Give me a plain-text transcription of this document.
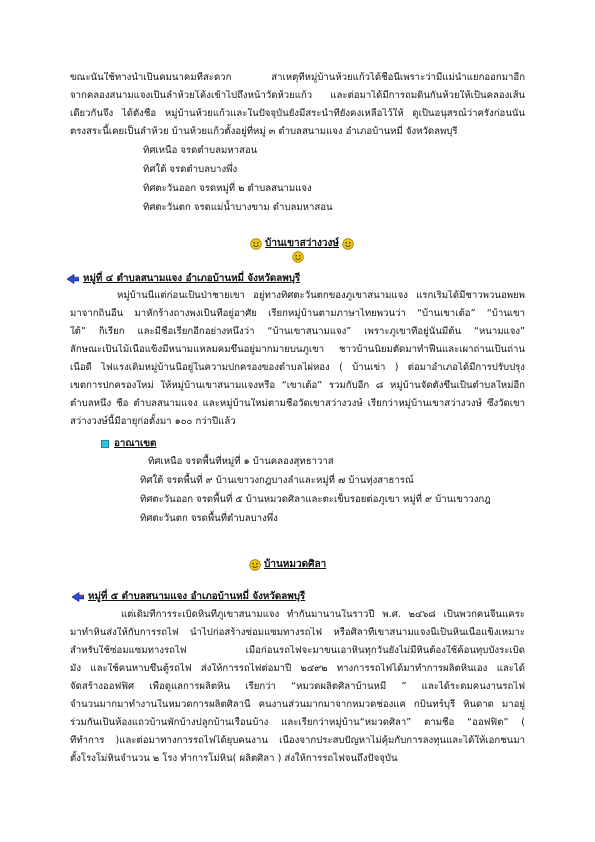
ขณะนั้นใช้ทางน้ำเป็นคมนาคมที่สะดวก สาเหตุที่หมู่บ้านห้วยแก้วได้ชื่อนี้เพราะว่ามีแม่น้ำแยกออกมาอีก
จากคลองสนามแจงเป็นลำห้วยโค้งเข้าไปถึงหน้าวัดห้วยแก้ว และต่อมาได้มีการถมดินกั้นห้วยให้เป็นคลองเส้น
เดียวกันจึง ได้ตั้งชื่อ หมู่บ้านห้วยแก้วและในปัจจุบันยังมีสระน้ำที่ยังคงเหลือไว้ให้ ดูเป็นอนุสรณ์ว่าครั้งก่อนนั้น
ตรงสระนี้เคยเป็นลำห้วย บ้านห้วยแก้วตั้งอยู่ที่หมู่ ๓ ตำบลสนามแจง อำเภอบ้านหมี่ จังหวัดลพบุรี
ทิศเหนือ จรดตำบลมหาสอน
ทิศใต้ จรดตำบลบางพึ่ง
ทิศตะวันออก จรดหมู่ที่ ๒ ตำบลสนามแจง
ทิศตะวันตก จรดแม่น้ำบางขาม ตำบลมหาสอน
บ้านเขาสว่างวงษ์
หมู่ที่ ๔ ตำบลสนามแจง อำเภอบ้านหมี่ จังหวัดลพบุรี
หมู่บ้านนี้แต่ก่อนเป็นป่าชายเขา อยู่ทางทิศตะวันตกของภูเขาสนามแจง แรกเริ่มได้มีชาวพวนอพยพ
มาจากถิ่นอื่น มาหักร้างถางพงเป็นที่อยู่อาศัย เรียกหมู่บ้านตามภาษาไทยพวนว่า “บ้านเขาเต้อ” “บ้านเขา
ใต้” ก็เรียก และมีชื่อเรียกอีกอย่างหนึ่งว่า “บ้านเขาสนามแจง” เพราะภูเขาที่อยู่นั้นมีต้น “หนามแจง”
ลักษณะเป็นไม้เนื้อแข็งมีหนามแหลมคมขึ้นอยู่มากมายบนภูเขา ชาวบ้านนิยมตัดมาทำฟืนและเผาถ่านเป็นถ่าน
เนื้อดี ไฟแรงเดิมหมู่บ้านนี้อยู่ในความปกครองของตำบลไผ่หอง ( บ้านเข่า ) ต่อมาอำเภอได้มีการปรับปรุง
เขตการปกครองใหม่ ให้หมู่บ้านเขาสนามแจงหรือ “เขาเต้อ” รวมกับอีก ๘ หมู่บ้านจัดตั้งขึ้นเป็นตำบลใหม่อีก
ตำบลหนึ่ง ชื่อ ตำบลสนามแจง และหมู่บ้านใหม่ตามชื่อวัดเขาสว่างวงษ์ เรียกว่าหมู่บ้านเขาสว่างวงษ์ ซึ่งวัดเขา
สว่างวงษ์นี้มีอายุก่อตั้งมา ๑๐๐ กว่าปีแล้ว
อาณาเขต
ทิศเหนือ จรดพื้นที่หมู่ที่ ๑ บ้านคลองสุทธาวาส
ทิศใต้ จรดพื้นที่ ๙ บ้านเขาวงกฎบางลำและหมู่ที่ ๗ บ้านทุ่งสาธารณ์
ทิศตะวันออก จรดพื้นที่ ๕ บ้านหมวดศิลาและตะเข็บรอยต่อภูเขา หมู่ที่ ๙ บ้านเขาวงกฎ
ทิศตะวันตก จรดพื้นที่ตำบลบางพึ่ง
บ้านหมวดศิลา
หมู่ที่ ๕ ตำบลสนามแจง อำเภอบ้านหมี่ จังหวัดลพบุรี
แต่เดิมที่การระเบิดหินที่ภูเขาสนามแจง ทำกันมานานในราวปี พ.ศ. ๒๔๖๘ เป็นพวกคนจีนแคระ
มาทำหินส่งให้กับการรถไฟ นำไปก่อสร้างซ่อมแซมทางรถไฟ หรือศิลาที่เขาสนามแจงนี้เป็นหินเนื้อแข็งเหมาะ
สำหรับใช้ซ่อมแซมทางรถไฟ เมื่อก่อนรถไฟจะมาขนเอาหินทุกวันยังไม่มีหินต้องใช้ค้อนทุบบังระเบิด
มัง และใช้คนหาบขึ้นตู้รถไฟ ส่งให้การรถไฟต่อมาปี ๒๔๙๒ ทางการรถไฟได้มาทำการผลิตหินเอง และได้
จัดสร้างออฟฟิศ เพื่อดูแลการผลิตหิน เรียกว่า “หมวดผลิตศิลาบ้านหมี่ ” และได้ระดมคนงานรถไฟ
จำนวนมากมาทำงานในหมวดการผลิตศิลานี้ คนงานส่วนมากมาจากหมวดช่องแค กบินทร์บุรี หินดาด มาอยู่
ร่วมกันเป็นห้องแถวบ้านพักบ้างปลูกบ้านเรือนบ้าง และเรียกว่าหมู่บ้าน“หมวดศิลา” ตามชื่อ “ออฟฟิต” (
ที่ทำการ )และต่อมาทางการรถไฟได้ยุบคนงาน เนื่องจากประสบปัญหาไม่คุ้มกับการลงทุนและได้ให้เอกชนมา
ตั้งโรงโม่หินจำนวน ๒ โรง ทำการโม่หิน( ผลิตศิลา ) ส่งให้การรถไฟจนถึงปัจจุบัน
